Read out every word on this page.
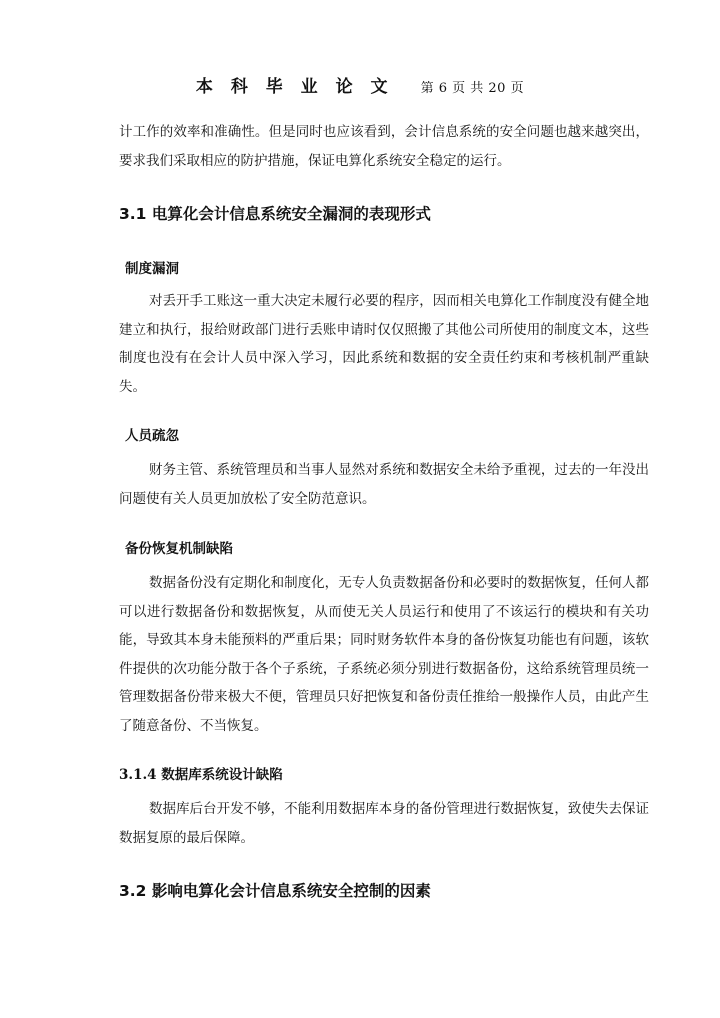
本 科 毕 业 论 文 第 6 页 共 20 页

计工作的效率和准确性。但是同时也应该看到，会计信息系统的安全问题也越来越突出，要求我们采取相应的防护措施，保证电算化系统安全稳定的运行。

3.1 电算化会计信息系统安全漏洞的表现形式
制度漏洞

对丢开手工账这一重大决定未履行必要的程序，因而相关电算化工作制度没有健全地建立和执行，报给财政部门进行丢账申请时仅仅照搬了其他公司所使用的制度文本，这些制度也没有在会计人员中深入学习，因此系统和数据的安全责任约束和考核机制严重缺失。

人员疏忽

财务主管、系统管理员和当事人显然对系统和数据安全未给予重视，过去的一年没出问题使有关人员更加放松了安全防范意识。

备份恢复机制缺陷

数据备份没有定期化和制度化，无专人负责数据备份和必要时的数据恢复，任何人都可以进行数据备份和数据恢复，从而使无关人员运行和使用了不该运行的模块和有关功能，导致其本身未能预料的严重后果；同时财务软件本身的备份恢复功能也有问题，该软件提供的次功能分散于各个子系统，子系统必须分别进行数据备份，这给系统管理员统一管理数据备份带来极大不便，管理员只好把恢复和备份责任推给一般操作人员，由此产生了随意备份、不当恢复。

3.1.4 数据库系统设计缺陷

数据库后台开发不够，不能利用数据库本身的备份管理进行数据恢复，致使失去保证数据复原的最后保障。

3.2 影响电算化会计信息系统安全控制的因素
